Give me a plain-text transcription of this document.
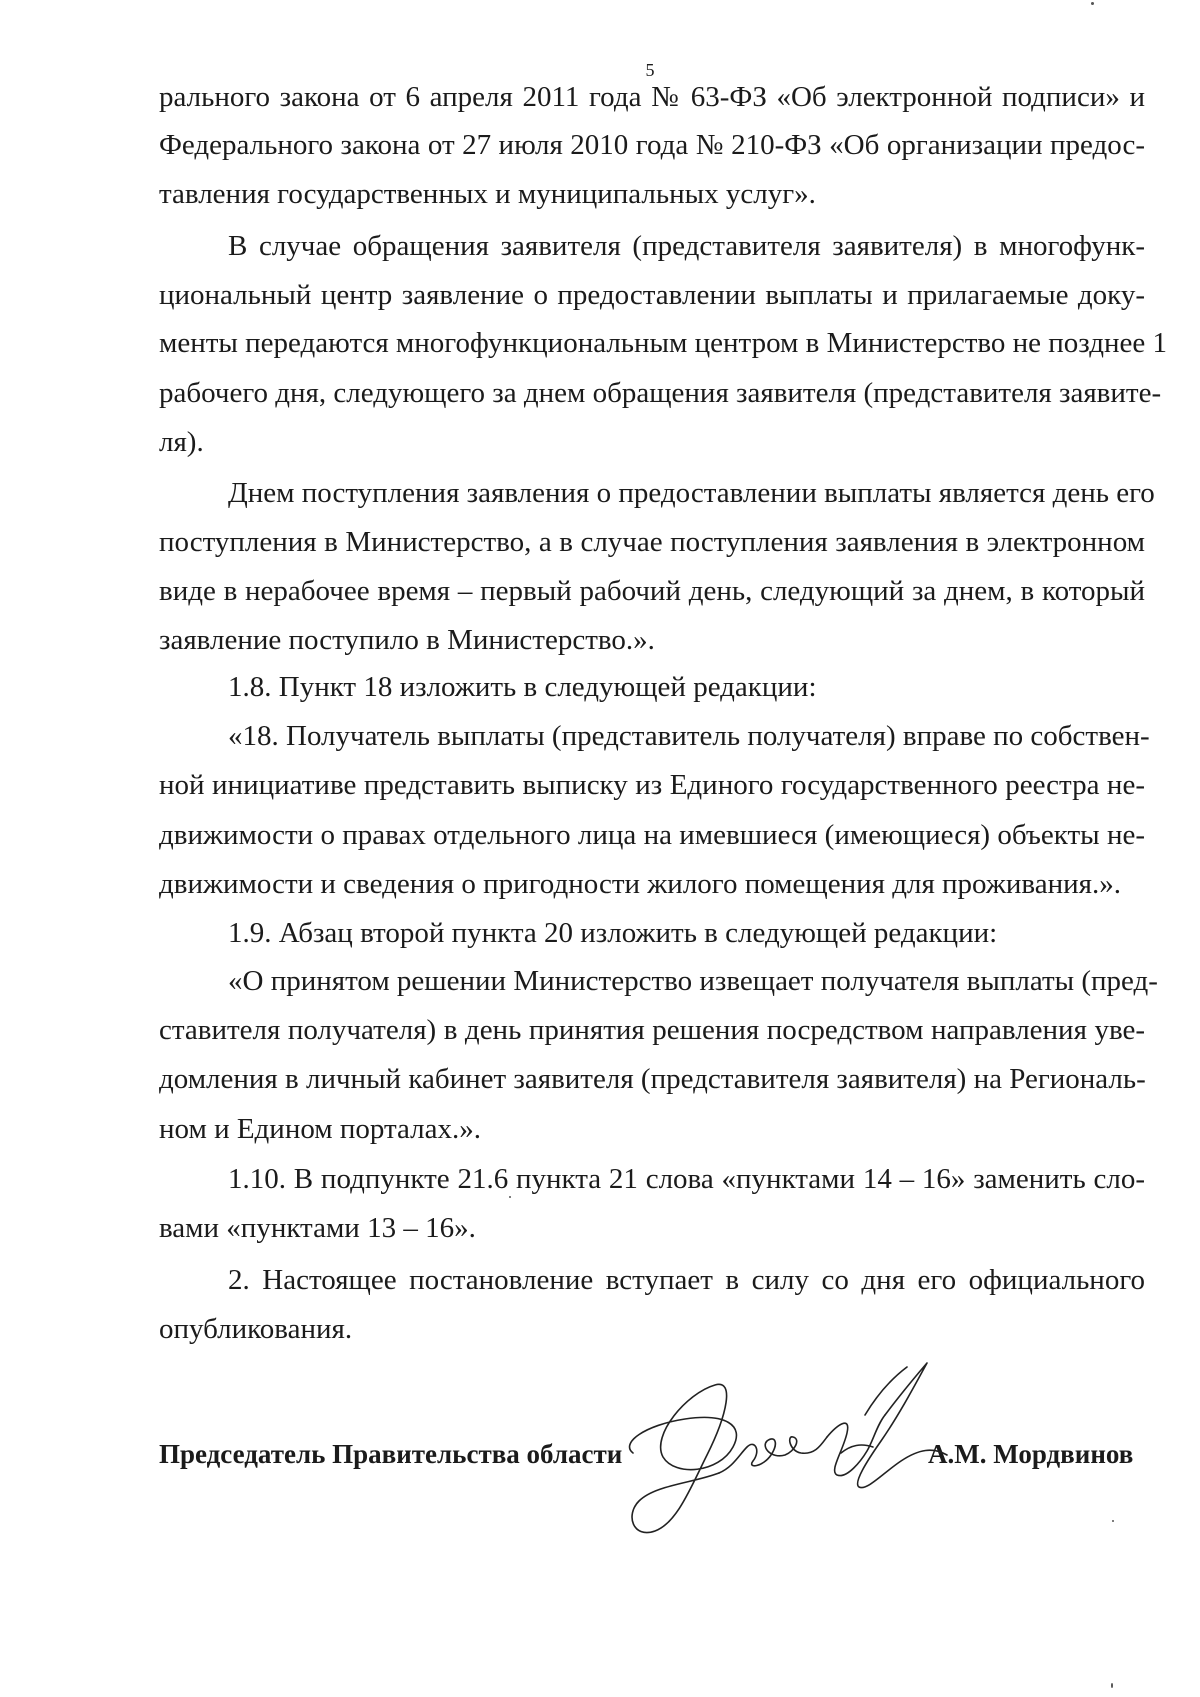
5
рального закона от 6 апреля 2011 года № 63-ФЗ «Об электронной подписи» и
Федерального закона от 27 июля 2010 года № 210-ФЗ «Об организации предос-
тавления государственных и муниципальных услуг».
В случае обращения заявителя (представителя заявителя) в многофунк-
циональный центр заявление о предоставлении выплаты и прилагаемые доку-
менты передаются многофункциональным центром в Министерство не позднее 1
рабочего дня, следующего за днем обращения заявителя (представителя заявите-
ля).
Днем поступления заявления о предоставлении выплаты является день его
поступления в Министерство, а в случае поступления заявления в электронном
виде в нерабочее время – первый рабочий день, следующий за днем, в который
заявление поступило в Министерство.».
1.8. Пункт 18 изложить в следующей редакции:
«18. Получатель выплаты (представитель получателя) вправе по собствен-
ной инициативе представить выписку из Единого государственного реестра не-
движимости о правах отдельного лица на имевшиеся (имеющиеся) объекты не-
движимости и сведения о пригодности жилого помещения для проживания.».
1.9. Абзац второй пункта 20 изложить в следующей редакции:
«О принятом решении Министерство извещает получателя выплаты (пред-
ставителя получателя) в день принятия решения посредством направления уве-
домления в личный кабинет заявителя (представителя заявителя) на Региональ-
ном и Едином порталах.».
1.10. В подпункте 21.6 пункта 21 слова «пунктами 14 – 16» заменить сло-
вами «пунктами 13 – 16».
2. Настоящее постановление вступает в силу со дня его официального
опубликования.
Председатель Правительства области	А.М. Мордвинов
